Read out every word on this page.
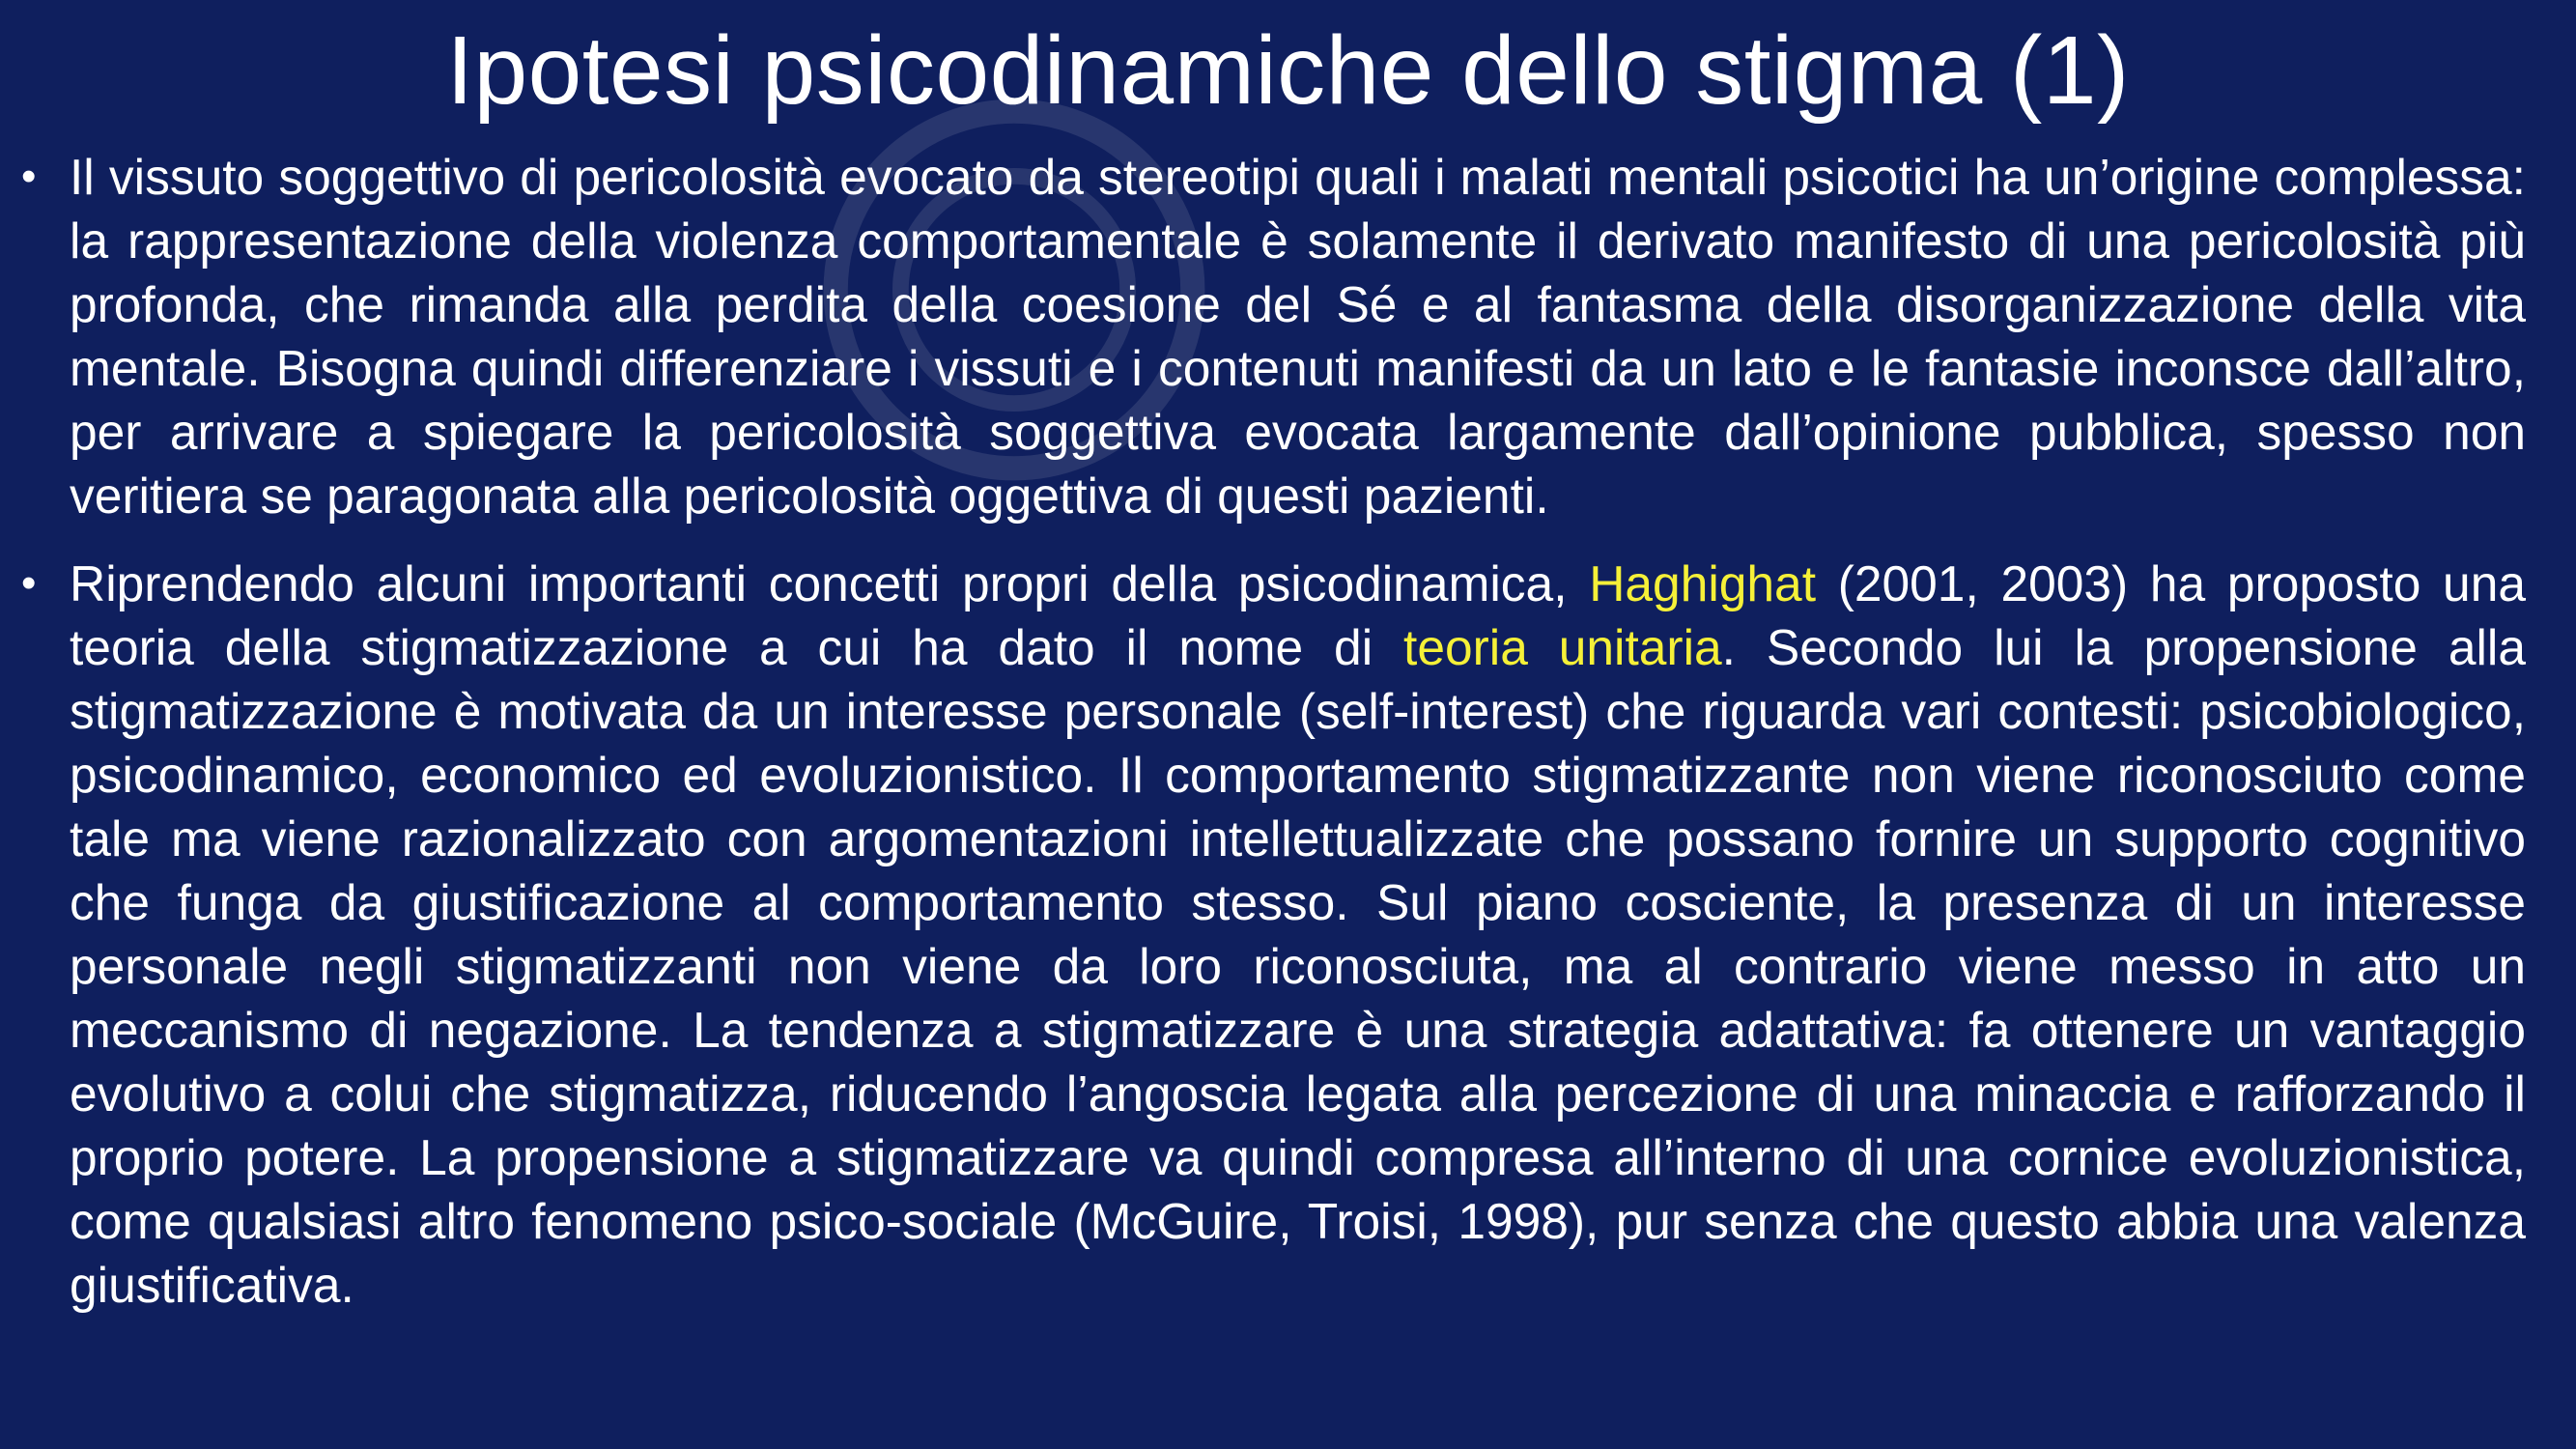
Ipotesi psicodinamiche dello stigma (1)
• Il vissuto soggettivo di pericolosità evocato da stereotipi quali i malati mentali psicotici ha un’origine complessa: la rappresentazione della violenza comportamentale è solamente il derivato manifesto di una pericolosità più profonda, che rimanda alla perdita della coesione del Sé e al fantasma della disorganizzazione della vita mentale. Bisogna quindi differenziare i vissuti e i contenuti manifesti da un lato e le fantasie inconsce dall’altro, per arrivare a spiegare la pericolosità soggettiva evocata largamente dall’opinione pubblica, spesso non veritiera se paragonata alla pericolosità oggettiva di questi pazienti.
• Riprendendo alcuni importanti concetti propri della psicodinamica, Haghighat (2001, 2003) ha proposto una teoria della stigmatizzazione a cui ha dato il nome di teoria unitaria. Secondo lui la propensione alla stigmatizzazione è motivata da un interesse personale (self-interest) che riguarda vari contesti: psicobiologico, psicodinamico, economico ed evoluzionistico. Il comportamento stigmatizzante non viene riconosciuto come tale ma viene razionalizzato con argomentazioni intellettualizzate che possano fornire un supporto cognitivo che funga da giustificazione al comportamento stesso. Sul piano cosciente, la presenza di un interesse personale negli stigmatizzanti non viene da loro riconosciuta, ma al contrario viene messo in atto un meccanismo di negazione. La tendenza a stigmatizzare è una strategia adattativa: fa ottenere un vantaggio evolutivo a colui che stigmatizza, riducendo l’angoscia legata alla percezione di una minaccia e rafforzando il proprio potere. La propensione a stigmatizzare va quindi compresa all’interno di una cornice evoluzionistica, come qualsiasi altro fenomeno psico-sociale (McGuire, Troisi, 1998), pur senza che questo abbia una valenza giustificativa.
